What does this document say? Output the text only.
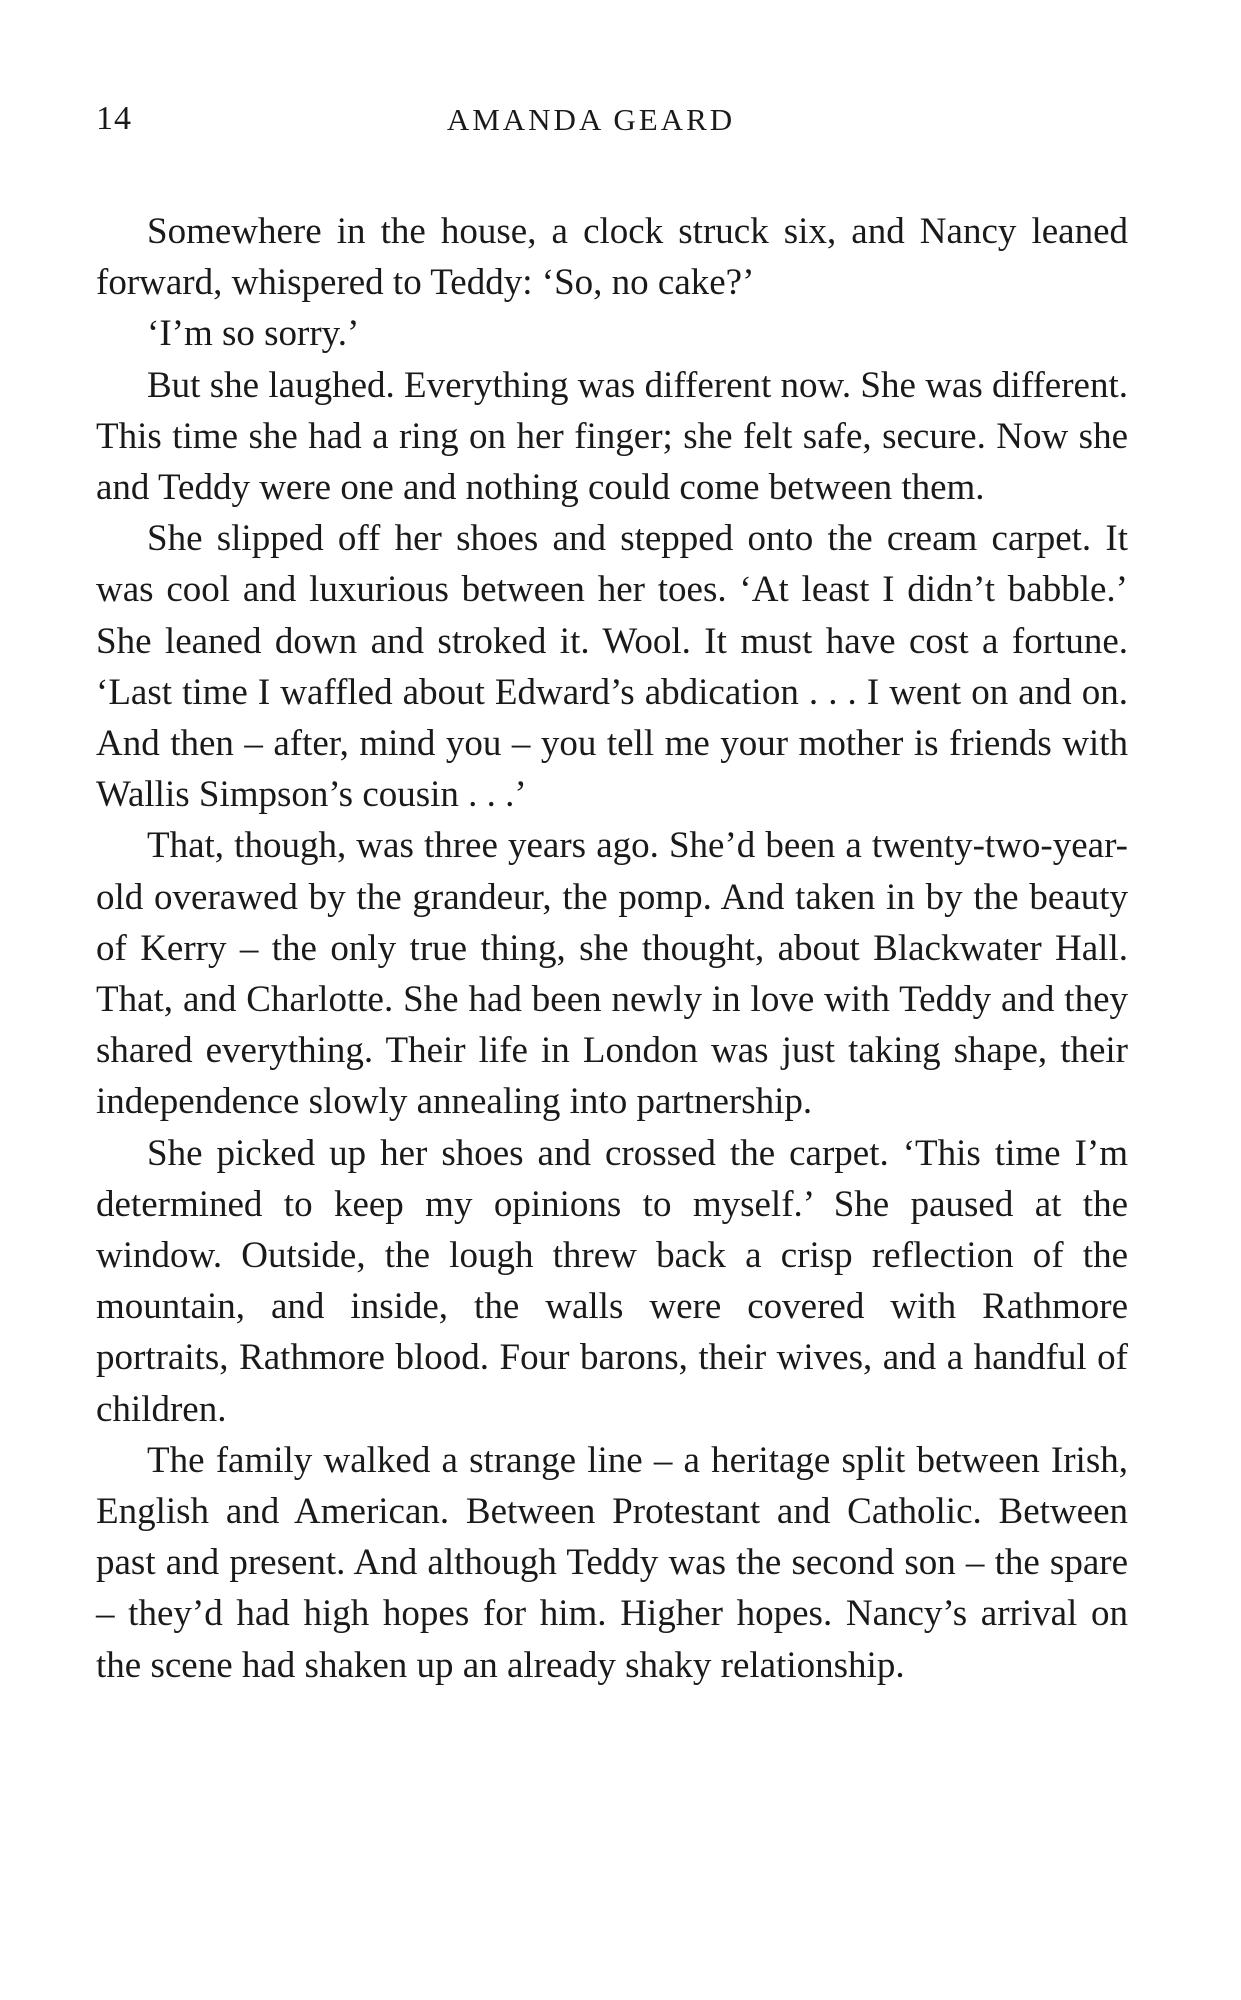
14	AMANDA GEARD

Somewhere in the house, a clock struck six, and Nancy leaned forward, whispered to Teddy: ‘So, no cake?’

‘I’m so sorry.’

But she laughed. Everything was different now. She was different. This time she had a ring on her finger; she felt safe, secure. Now she and Teddy were one and nothing could come between them.

She slipped off her shoes and stepped onto the cream carpet. It was cool and luxurious between her toes. ‘At least I didn’t babble.’ She leaned down and stroked it. Wool. It must have cost a fortune. ‘Last time I waffled about Edward’s abdication . . . I went on and on. And then – after, mind you – you tell me your mother is friends with Wallis Simpson’s cousin . . .’

That, though, was three years ago. She’d been a twenty-two-year-old overawed by the grandeur, the pomp. And taken in by the beauty of Kerry – the only true thing, she thought, about Blackwater Hall. That, and Charlotte. She had been newly in love with Teddy and they shared everything. Their life in London was just taking shape, their independence slowly annealing into partnership.

She picked up her shoes and crossed the carpet. ‘This time I’m determined to keep my opinions to myself.’ She paused at the window. Outside, the lough threw back a crisp reflection of the mountain, and inside, the walls were covered with Rathmore portraits, Rathmore blood. Four barons, their wives, and a handful of children.

The family walked a strange line – a heritage split between Irish, English and American. Between Protestant and Catholic. Between past and present. And although Teddy was the second son – the spare – they’d had high hopes for him. Higher hopes. Nancy’s arrival on the scene had shaken up an already shaky relationship.
